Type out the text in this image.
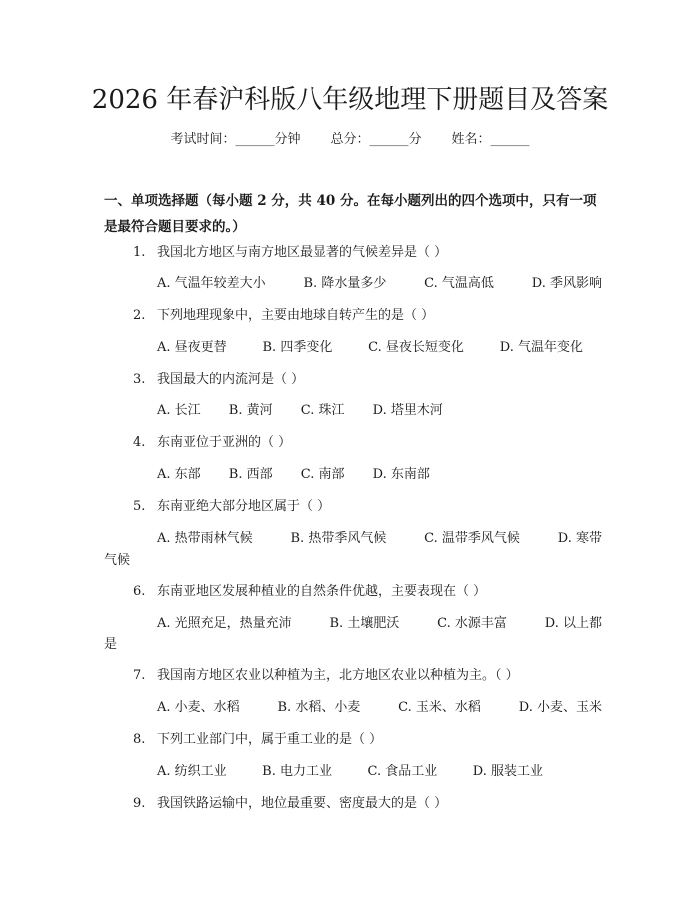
2026 年春沪科版八年级地理下册题目及答案
考试时间：______分钟 总分：______分 姓名：______
一、单项选择题（每小题 2 分，共 40 分。在每小题列出的四个选项中，只有一项
是最符合题目要求的。）
1. 我国北方地区与南方地区最显著的气候差异是（ ）
A. 气温年较差大小	B. 降水量多少	C. 气温高低	D. 季风影响
2. 下列地理现象中，主要由地球自转产生的是（ ）
A. 昼夜更替	B. 四季变化	C. 昼夜长短变化	D. 气温年变化
3. 我国最大的内流河是（ ）
A. 长江 B. 黄河 C. 珠江 D. 塔里木河
4. 东南亚位于亚洲的（ ）
A. 东部 B. 西部 C. 南部 D. 东南部
5. 东南亚绝大部分地区属于（ ）
A. 热带雨林气候	B. 热带季风气候	C. 温带季风气候	D. 寒带
气候
6. 东南亚地区发展种植业的自然条件优越，主要表现在（ ）
A. 光照充足，热量充沛	B. 土壤肥沃	C. 水源丰富	D. 以上都
是
7. 我国南方地区农业以种植为主，北方地区农业以种植为主。（ ）
A. 小麦、水稻	B. 水稻、小麦	C. 玉米、水稻	D. 小麦、玉米
8. 下列工业部门中，属于重工业的是（ ）
A. 纺织工业	B. 电力工业	C. 食品工业	D. 服装工业
9. 我国铁路运输中，地位最重要、密度最大的是（ ）
